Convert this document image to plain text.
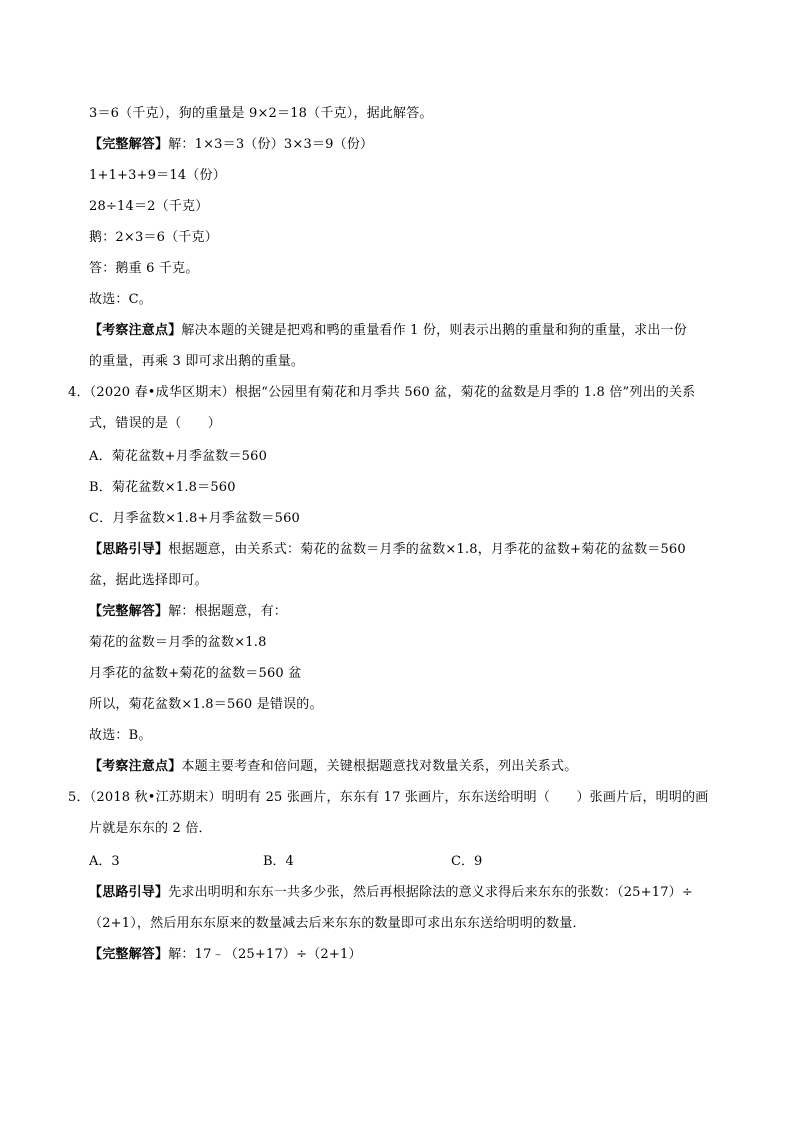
3＝6（千克），狗的重量是 9×2＝18（千克），据此解答。
【完整解答】解：1×3＝3（份）3×3＝9（份）
1+1+3+9＝14（份）
28÷14＝2（千克）
鹅：2×3＝6（千克）
答：鹅重 6 千克。
故选：C。
【考察注意点】解决本题的关键是把鸡和鸭的重量看作 1 份，则表示出鹅的重量和狗的重量，求出一份
的重量，再乘 3 即可求出鹅的重量。
4．（2020 春•成华区期末）根据“公园里有菊花和月季共 560 盆，菊花的盆数是月季的 1.8 倍”列出的关系
式，错误的是（　　）
A．菊花盆数+月季盆数＝560
B．菊花盆数×1.8＝560
C．月季盆数×1.8+月季盆数＝560
【思路引导】根据题意，由关系式：菊花的盆数＝月季的盆数×1.8，月季花的盆数+菊花的盆数＝560
盆，据此选择即可。
【完整解答】解：根据题意，有：
菊花的盆数＝月季的盆数×1.8
月季花的盆数+菊花的盆数＝560 盆
所以，菊花盆数×1.8＝560 是错误的。
故选：B。
【考察注意点】本题主要考查和倍问题，关键根据题意找对数量关系，列出关系式。
5．（2018 秋•江苏期末）明明有 25 张画片，东东有 17 张画片，东东送给明明（　　）张画片后，明明的画
片就是东东的 2 倍．
A．3	B．4	C．9
【思路引导】先求出明明和东东一共多少张，然后再根据除法的意义求得后来东东的张数：（25+17）÷
（2+1），然后用东东原来的数量减去后来东东的数量即可求出东东送给明明的数量．
【完整解答】解：17﹣（25+17）÷（2+1）
